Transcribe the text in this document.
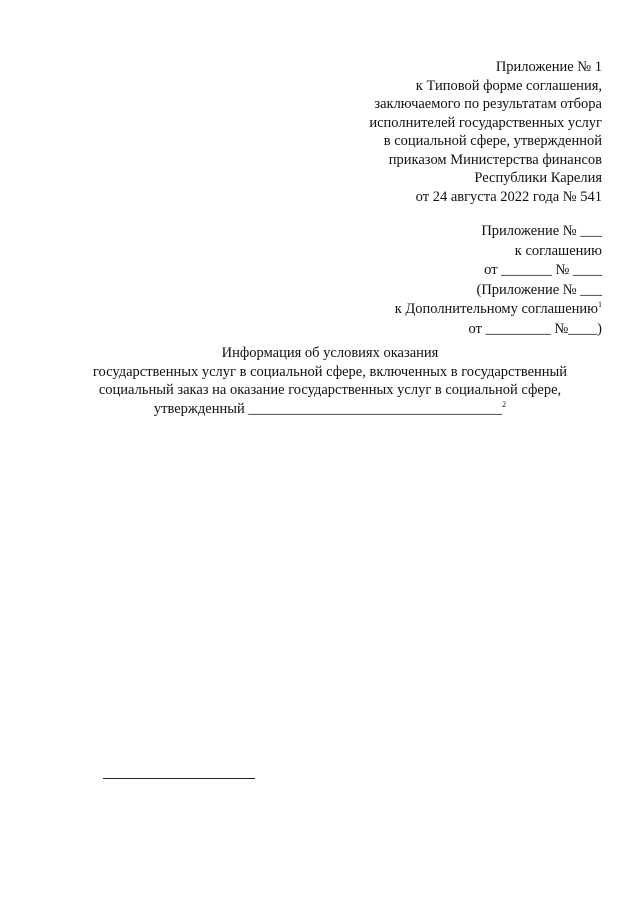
Приложение № 1
к Типовой форме соглашения,
заключаемого по результатам отбора
исполнителей государственных услуг
в социальной сфере, утвержденной
приказом Министерства финансов
Республики Карелия
от 24 августа 2022 года № 541
Приложение № ___
к соглашению
от _______ № ____
(Приложение № ___
к Дополнительному соглашению$^1$
от _________ №____)
Информация об условиях оказания
государственных услуг в социальной сфере, включенных в государственный
социальный заказ на оказание государственных услуг в социальной сфере,
утвержденный ___________________________________$^2$
